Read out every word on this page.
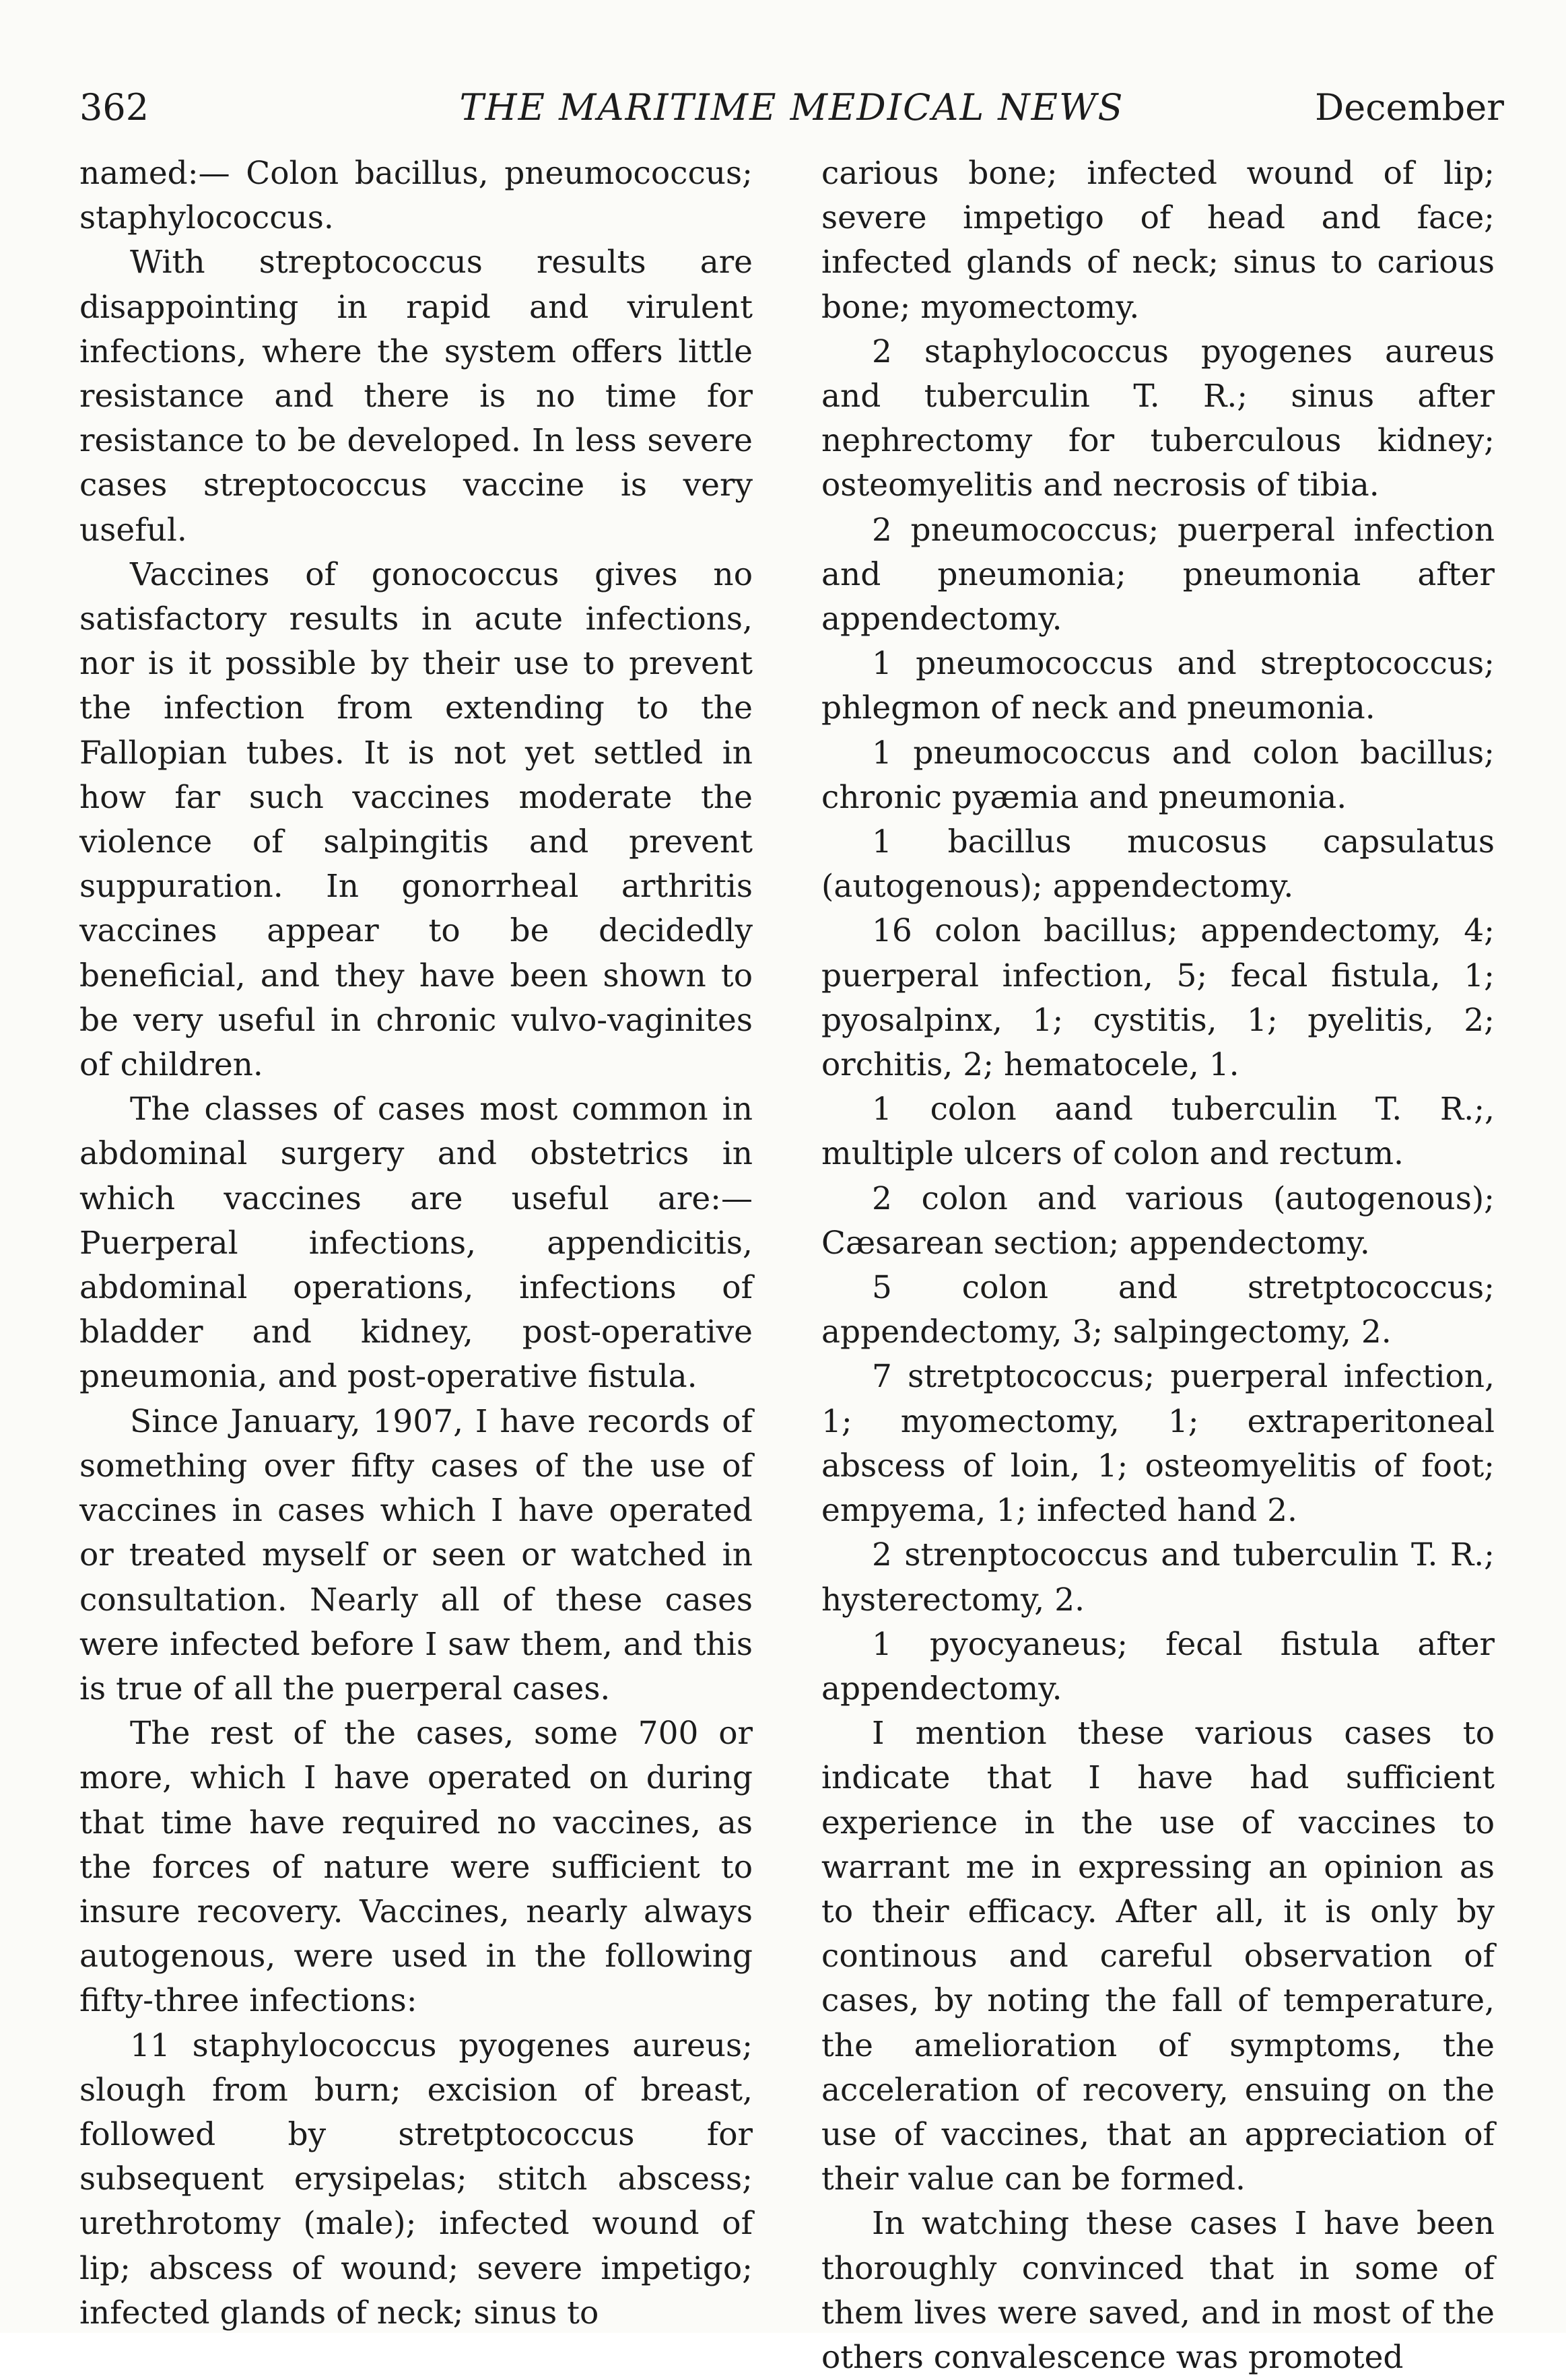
362	THE MARITIME MEDICAL NEWS	December

named:— Colon bacillus, pneumococcus; staphylococcus.

With streptococcus results are disappointing in rapid and virulent infections, where the system offers little resistance and there is no time for resistance to be developed. In less severe cases streptococcus vaccine is very useful.

Vaccines of gonococcus gives no satisfactory results in acute infections, nor is it possible by their use to prevent the infection from extending to the Fallopian tubes. It is not yet settled in how far such vaccines moderate the violence of salpingitis and prevent suppuration. In gonorrheal arthritis vaccines appear to be decidedly beneficial, and they have been shown to be very useful in chronic vulvo-vaginites of children.

The classes of cases most common in abdominal surgery and obstetrics in which vaccines are useful are:—Puerperal infections, appendicitis, abdominal operations, infections of bladder and kidney, post-operative pneumonia, and post-operative fistula.

Since January, 1907, I have records of something over fifty cases of the use of vaccines in cases which I have operated or treated myself or seen or watched in consultation. Nearly all of these cases were infected before I saw them, and this is true of all the puerperal cases.

The rest of the cases, some 700 or more, which I have operated on during that time have required no vaccines, as the forces of nature were sufficient to insure recovery. Vaccines, nearly always autogenous, were used in the following fifty-three infections:

11 staphylococcus pyogenes aureus; slough from burn; excision of breast, followed by stretptococcus for subsequent erysipelas; stitch abscess; urethrotomy (male); infected wound of lip; abscess of wound; severe impetigo; infected glands of neck; sinus to

carious bone; infected wound of lip; severe impetigo of head and face; infected glands of neck; sinus to carious bone; myomectomy.

2 staphylococcus pyogenes aureus and tuberculin T. R.; sinus after nephrectomy for tuberculous kidney; osteomyelitis and necrosis of tibia.

2 pneumococcus; puerperal infection and pneumonia; pneumonia after appendectomy.

1 pneumococcus and streptococcus; phlegmon of neck and pneumonia.

1 pneumococcus and colon bacillus; chronic pyæmia and pneumonia.

1 bacillus mucosus capsulatus (autogenous); appendectomy.

16 colon bacillus; appendectomy, 4; puerperal infection, 5; fecal fistula, 1; pyosalpinx, 1; cystitis, 1; pyelitis, 2; orchitis, 2; hematocele, 1.

1 colon aand tuberculin T. R.;, multiple ulcers of colon and rectum.

2 colon and various (autogenous); Cæsarean section; appendectomy.

5 colon and stretptococcus; appendectomy, 3; salpingectomy, 2.

7 stretptococcus; puerperal infection, 1; myomectomy, 1; extraperitoneal abscess of loin, 1; osteomyelitis of foot; empyema, 1; infected hand 2.

2 strenptococcus and tuberculin T. R.; hysterectomy, 2.

1 pyocyaneus; fecal fistula after appendectomy.

I mention these various cases to indicate that I have had sufficient experience in the use of vaccines to warrant me in expressing an opinion as to their efficacy. After all, it is only by continous and careful observation of cases, by noting the fall of temperature, the amelioration of symptoms, the acceleration of recovery, ensuing on the use of vaccines, that an appreciation of their value can be formed.

In watching these cases I have been thoroughly convinced that in some of them lives were saved, and in most of the others convalescence was promoted
